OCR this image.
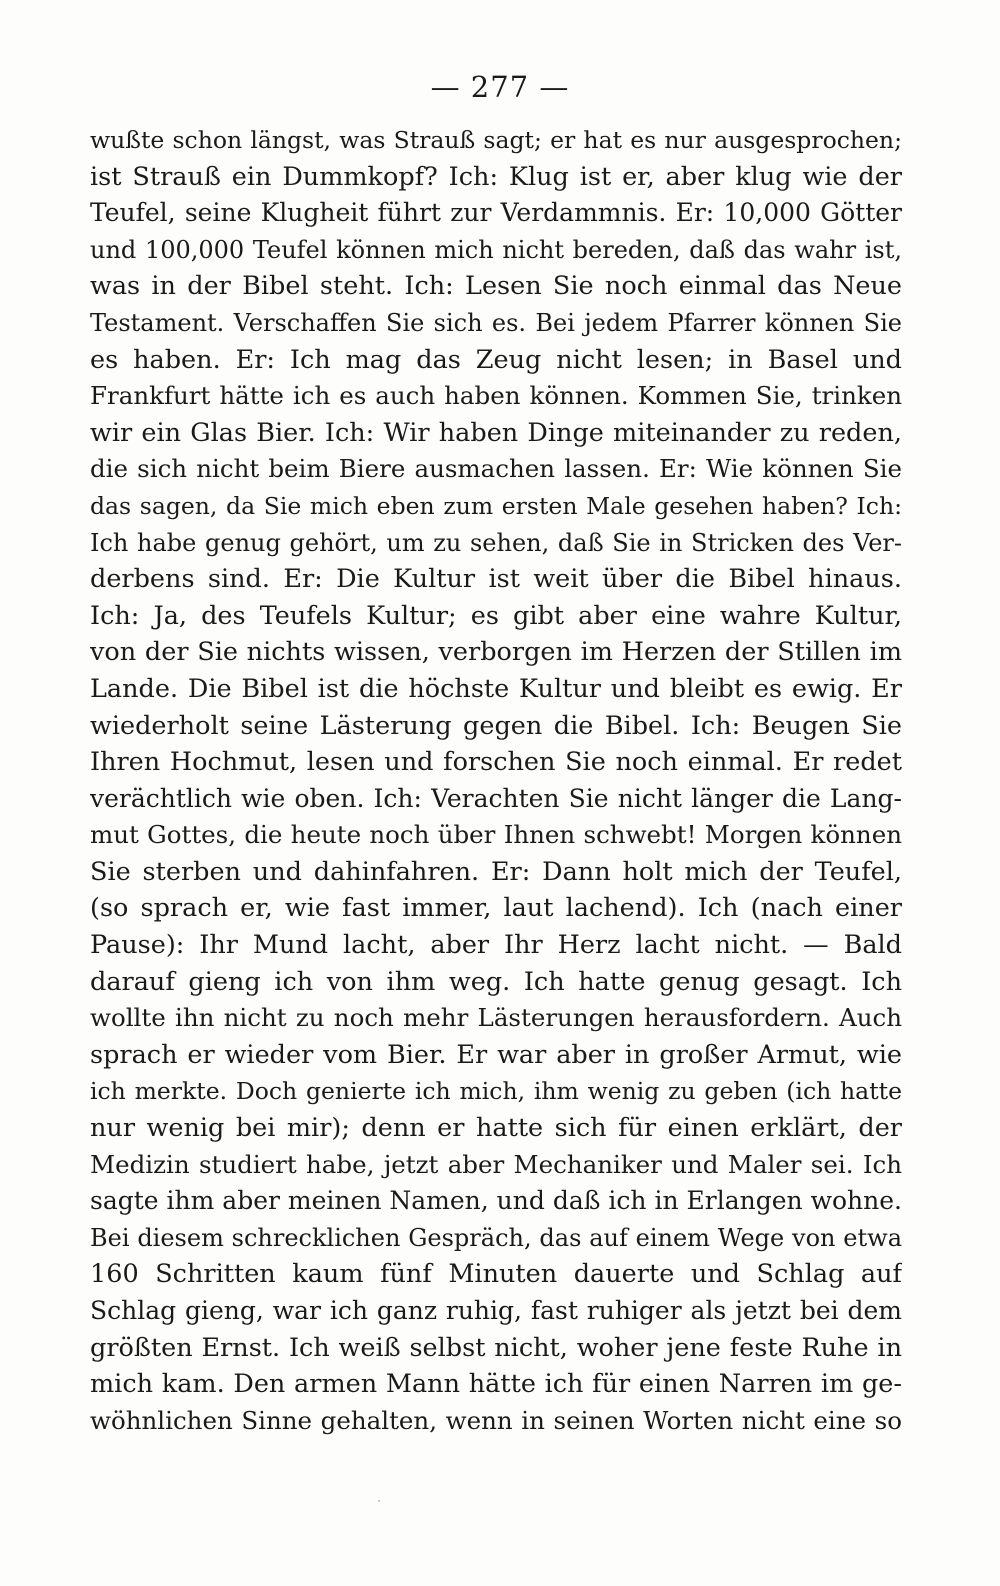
— 277 —
wußte schon längst, was Strauß sagt; er hat es nur ausgesprochen;
ist Strauß ein Dummkopf? Ich: Klug ist er, aber klug wie der
Teufel, seine Klugheit führt zur Verdammnis. Er: 10,000 Götter
und 100,000 Teufel können mich nicht bereden, daß das wahr ist,
was in der Bibel steht. Ich: Lesen Sie noch einmal das Neue
Testament. Verschaffen Sie sich es. Bei jedem Pfarrer können Sie
es haben. Er: Ich mag das Zeug nicht lesen; in Basel und
Frankfurt hätte ich es auch haben können. Kommen Sie, trinken
wir ein Glas Bier. Ich: Wir haben Dinge miteinander zu reden,
die sich nicht beim Biere ausmachen lassen. Er: Wie können Sie
das sagen, da Sie mich eben zum ersten Male gesehen haben? Ich:
Ich habe genug gehört, um zu sehen, daß Sie in Stricken des Ver-
derbens sind. Er: Die Kultur ist weit über die Bibel hinaus.
Ich: Ja, des Teufels Kultur; es gibt aber eine wahre Kultur,
von der Sie nichts wissen, verborgen im Herzen der Stillen im
Lande. Die Bibel ist die höchste Kultur und bleibt es ewig. Er
wiederholt seine Lästerung gegen die Bibel. Ich: Beugen Sie
Ihren Hochmut, lesen und forschen Sie noch einmal. Er redet
verächtlich wie oben. Ich: Verachten Sie nicht länger die Lang-
mut Gottes, die heute noch über Ihnen schwebt! Morgen können
Sie sterben und dahinfahren. Er: Dann holt mich der Teufel,
(so sprach er, wie fast immer, laut lachend). Ich (nach einer
Pause): Ihr Mund lacht, aber Ihr Herz lacht nicht. — Bald
darauf gieng ich von ihm weg. Ich hatte genug gesagt. Ich
wollte ihn nicht zu noch mehr Lästerungen herausfordern. Auch
sprach er wieder vom Bier. Er war aber in großer Armut, wie
ich merkte. Doch genierte ich mich, ihm wenig zu geben (ich hatte
nur wenig bei mir); denn er hatte sich für einen erklärt, der
Medizin studiert habe, jetzt aber Mechaniker und Maler sei. Ich
sagte ihm aber meinen Namen, und daß ich in Erlangen wohne.
Bei diesem schrecklichen Gespräch, das auf einem Wege von etwa
160 Schritten kaum fünf Minuten dauerte und Schlag auf
Schlag gieng, war ich ganz ruhig, fast ruhiger als jetzt bei dem
größten Ernst. Ich weiß selbst nicht, woher jene feste Ruhe in
mich kam. Den armen Mann hätte ich für einen Narren im ge-
wöhnlichen Sinne gehalten, wenn in seinen Worten nicht eine so
